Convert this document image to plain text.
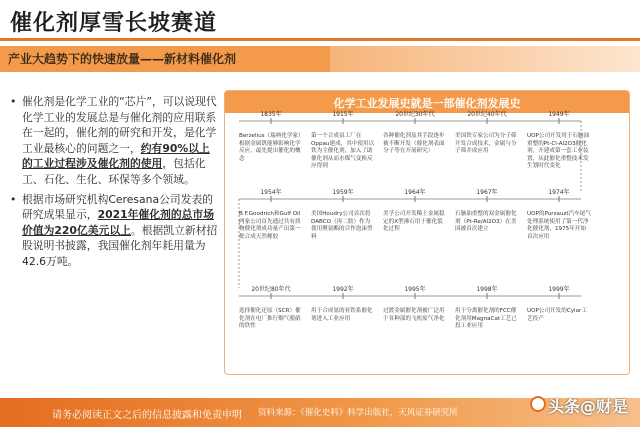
催化剂厚雪长坡赛道
产业大趋势下的快速放量——新材料催化剂
• 催化剂是化学工业的“芯片”，可以说现代化学工业的发展总是与催化剂的应用联系在一起的，催化剂的研究和开发，是化学工业最核心的问题之一，约有90%以上的工业过程涉及催化剂的使用，包括化工、石化、生化、环保等多个领域。
• 根据市场研究机构Ceresana公司发表的研究成果显示，2021年催化剂的总市场价值为220亿美元以上。根据凯立新材招股说明书披露，我国催化剂年耗用量为42.6万吨。
化学工业发展史就是一部催化剂发展史
1835年
Berzelius（瑞典化学家）根据金属钒能够影响化学反应，最先提出催化的概念
1915年
第一个合成氨工厂在Oppau建成，其中使用以铁为主催化剂，加入了助催化剂从而水煤气变换反应得到
20世纪30年代
各种催化剂及其手段逐步被不断开发（催化剂表面分子等在开展研究）
20世纪40年代
美国铁专家公司为分子筛开发合成技术，金属与分子筛并成应用
1949年
UOP公司开发用于石脑油重整的Pt-Cl-Al2O3催化剂，开建成第一套工业装置，从此催化重整技术发生划时代变化
1954年
B.F.Goodrich和Gulf Oil两家公司首先通过共有质物催化剂成功量产出第一批合成天然橡胶
1959年
美国Houdry公司首次将DABCO（再二胺）作为使用聚氨酯的合作泡沫塑料
1964年
美孚公司开发稀土金属稳定的X型沸石用于催化裂化过程
1967年
石脑油重整的双金属催化剂（Pt-Re/Al2O3）在美国被首次建立
1974年
UOP的Purzauzt汽车尾气处理系统使用了第一代净化催化剂，1975年开始首次应用
20世纪80年代
选择催化还原（SCR）催化剂在电厂推行烟气脱硝的铁性
1992年
用于合成氨的亚铁系催化剂进入工业应用
1995年
过渡金属催化剂被广泛用于各种部的飞机废气净化
1998年
用于分离催化剂的FCC催化剂用MagnaCat工艺已投工业应用
1999年
UOP公司开发的Cylar工艺投产
请务必阅读正文之后的信息披露和免责申明 资料来源：《催化史料》科学出版社，天风证券研究所	头条@财是
